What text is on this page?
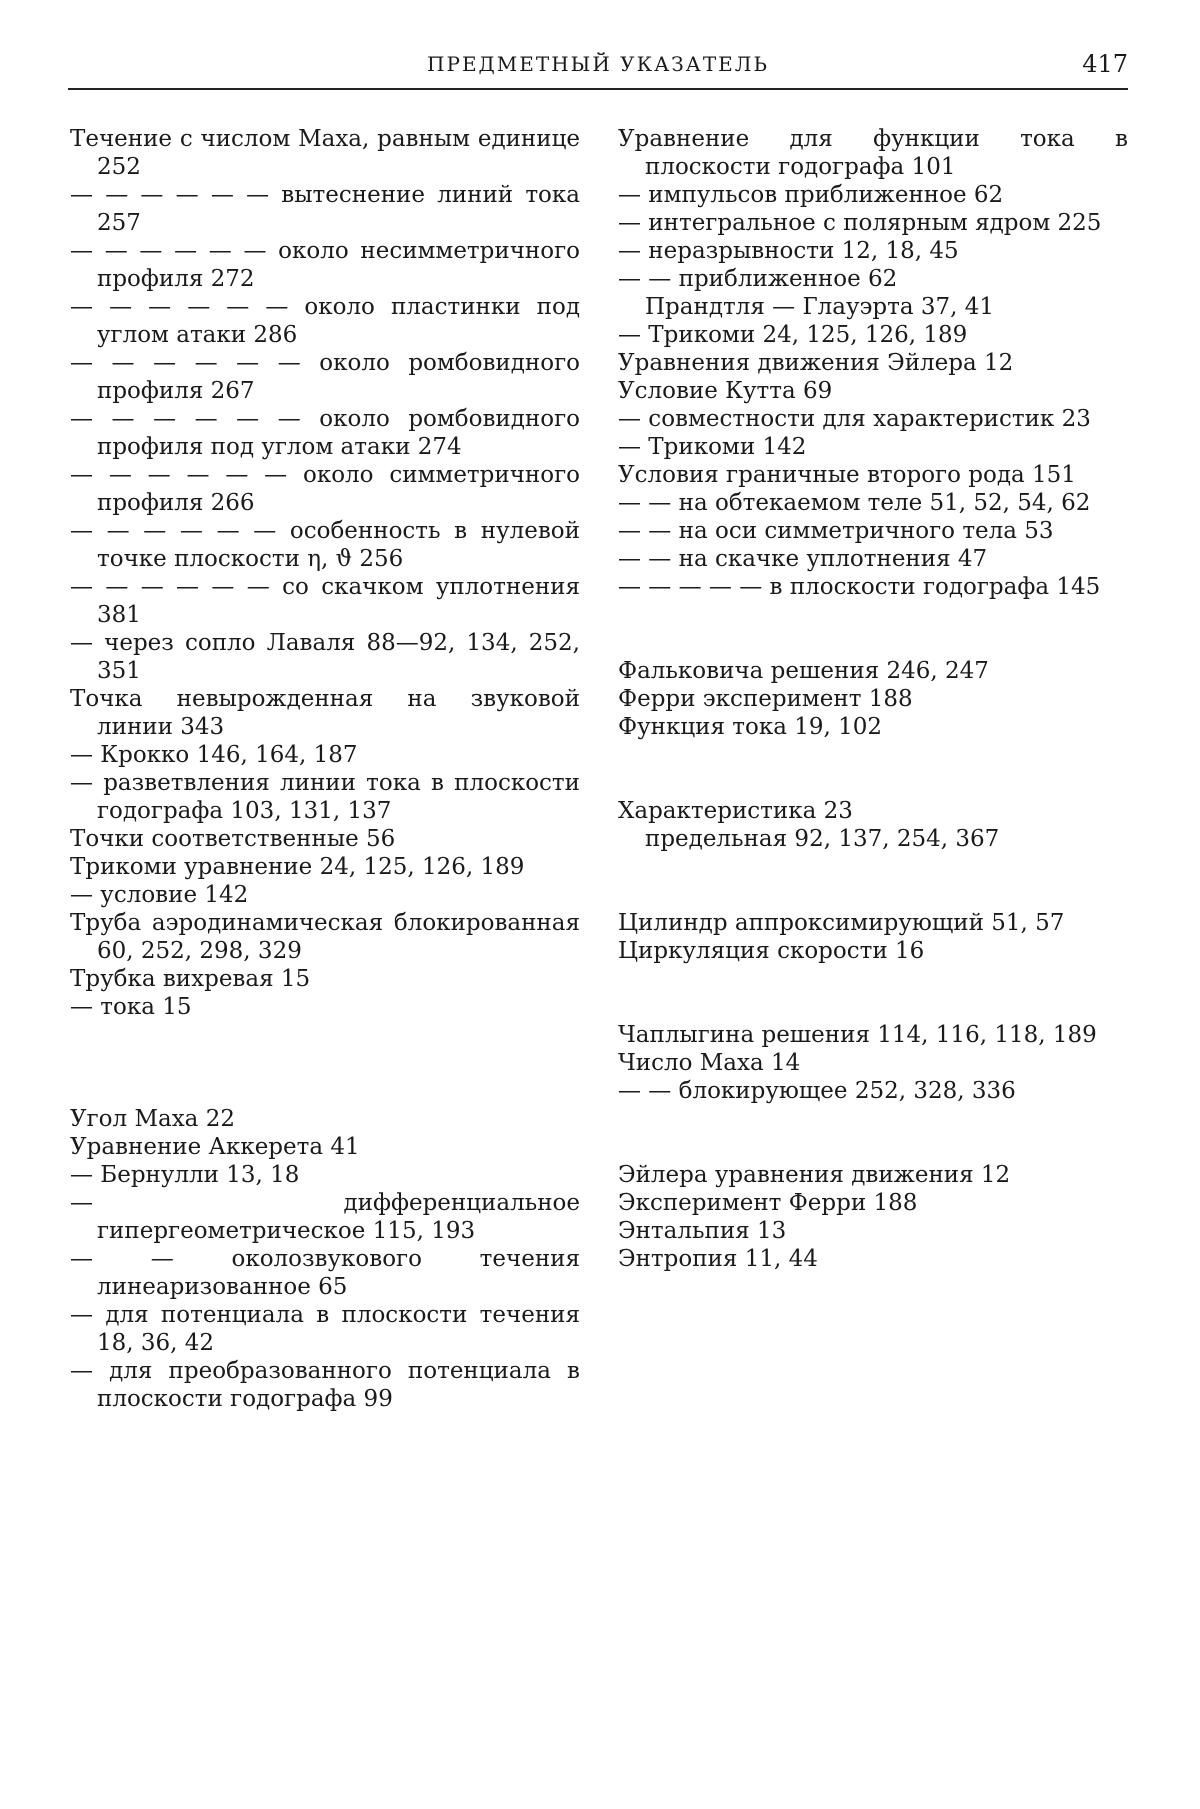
ПРЕДМЕТНЫЙ УКАЗАТЕЛЬ	417

Течение с числом Маха, равным единице 252

— — — — — — вытеснение линий тока 257

— — — — — — около несимметричного профиля 272

— — — — — — около пластинки под углом атаки 286

— — — — — — около ромбовидного профиля 267

— — — — — — около ромбовидного профиля под углом атаки 274

— — — — — — около симметричного профиля 266

— — — — — — особенность в нулевой точке плоскости η, ϑ 256

— — — — — — со скачком уплотнения 381

— через сопло Лаваля 88—92, 134, 252, 351

Точка невырожденная на звуковой линии 343

— Крокко 146, 164, 187

— разветвления линии тока в плоскости годографа 103, 131, 137

Точки соответственные 56

Трикоми уравнение 24, 125, 126, 189

— условие 142

Труба аэродинамическая блокированная 60, 252, 298, 329

Трубка вихревая 15

— тока 15

Угол Маха 22

Уравнение Аккерета 41

— Бернулли 13, 18

— дифференциальное гипергеометрическое 115, 193

— — околозвукового течения линеаризованное 65

— для потенциала в плоскости течения 18, 36, 42

— для преобразованного потенциала в плоскости годографа 99

Уравнение для функции тока в плоскости годографа 101

— импульсов приближенное 62

— интегральное с полярным ядром 225

— неразрывности 12, 18, 45

— — приближенное 62

Прандтля — Глауэрта 37, 41

— Трикоми 24, 125, 126, 189

Уравнения движения Эйлера 12

Условие Кутта 69

— совместности для характеристик 23

— Трикоми 142

Условия граничные второго рода 151

— — на обтекаемом теле 51, 52, 54, 62

— — на оси симметричного тела 53

— — на скачке уплотнения 47

— — — — — в плоскости годографа 145

Фальковича решения 246, 247

Ферри эксперимент 188

Функция тока 19, 102

Характеристика 23

предельная 92, 137, 254, 367

Цилиндр аппроксимирующий 51, 57

Циркуляция скорости 16

Чаплыгина решения 114, 116, 118, 189

Число Маха 14

— — блокирующее 252, 328, 336

Эйлера уравнения движения 12

Эксперимент Ферри 188

Энтальпия 13

Энтропия 11, 44
